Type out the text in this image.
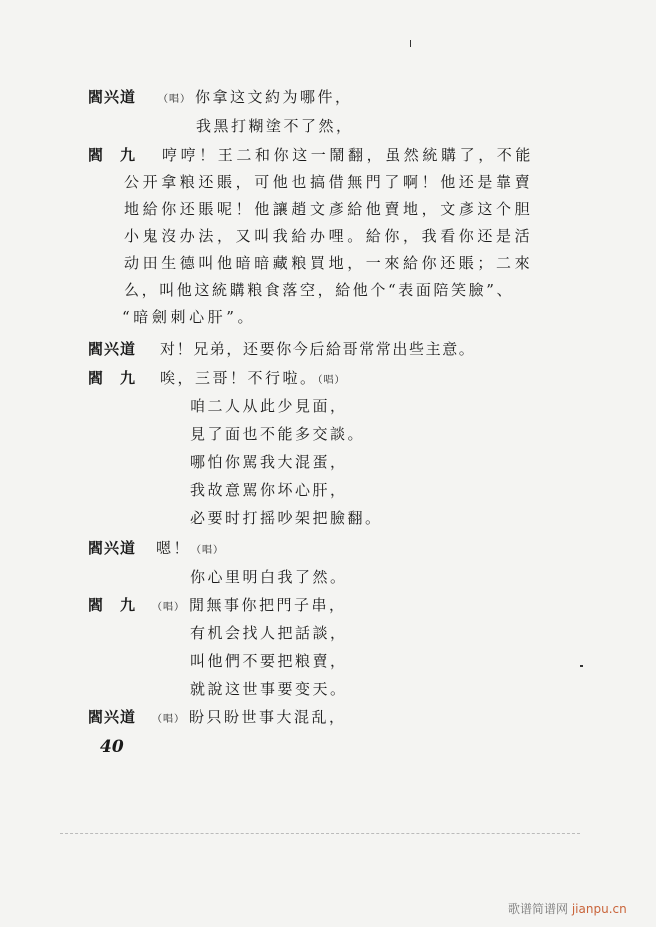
閻兴道 （唱） 你拿这文約为哪件，
我黑打糊塗不了然，
閻　九 哼哼！王二和你这一鬧翻，虽然統購了，不能
公开拿粮还賬，可他也搞借無門了啊！他还是靠賣
地給你还賬呢！他讓趙文彥給他賣地，文彥这个胆
小鬼沒办法，又叫我給办哩。給你，我看你还是活
动田生德叫他暗暗藏粮買地，一來給你还賬；二來
么，叫他这統購粮食落空，給他个“表面陪笑臉”、
“暗劍刺心肝”。
閻兴道 对！兄弟，还要你今后給哥常常出些主意。
閻　九 唉，三哥！不行啦。（唱）
咱二人从此少見面，
見了面也不能多交談。
哪怕你駡我大混蛋，
我故意駡你坏心肝，
必要时打摇吵架把臉翻。
閻兴道 嗯！（唱）
你心里明白我了然。
閻　九 （唱） 閒無事你把門子串，
有机会找人把話談，
叫他們不要把粮賣，
就說这世事要变天。
閻兴道 （唱） 盼只盼世事大混乱，
40
歌谱简谱网 jianpu.cn
